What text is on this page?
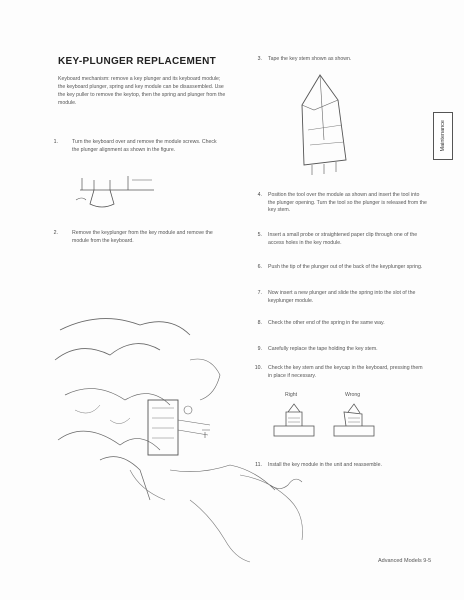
KEY-PLUNGER REPLACEMENT
Keyboard mechanism: remove a key plunger and its keyboard module; the keyboard plunger, spring and key module can be disassembled. Use the key puller to remove the keytop, then the spring and plunger from the module.
1.	Turn the keyboard over and remove the module screws. Check the plunger alignment as shown in the figure.
2.	Remove the keyplunger from the key module and remove the module from the keyboard.
3. Tape the key stem shown as shown.
Maintenance
4. Position the tool over the module as shown and insert the tool into the plunger opening. Turn the tool so the plunger is released from the key stem.
5. Insert a small probe or straightened paper clip through one of the access holes in the key module.
6. Push the tip of the plunger out of the back of the keyplunger spring.
7. Now insert a new plunger and slide the spring into the slot of the keyplunger module.
8. Check the other end of the spring in the same way.
9. Carefully replace the tape holding the key stem.
10. Check the key stem and the keycap in the keyboard, pressing them in place if necessary.
Right	Wrong
11. Install the key module in the unit and reassemble.
Advanced Models 9-5
